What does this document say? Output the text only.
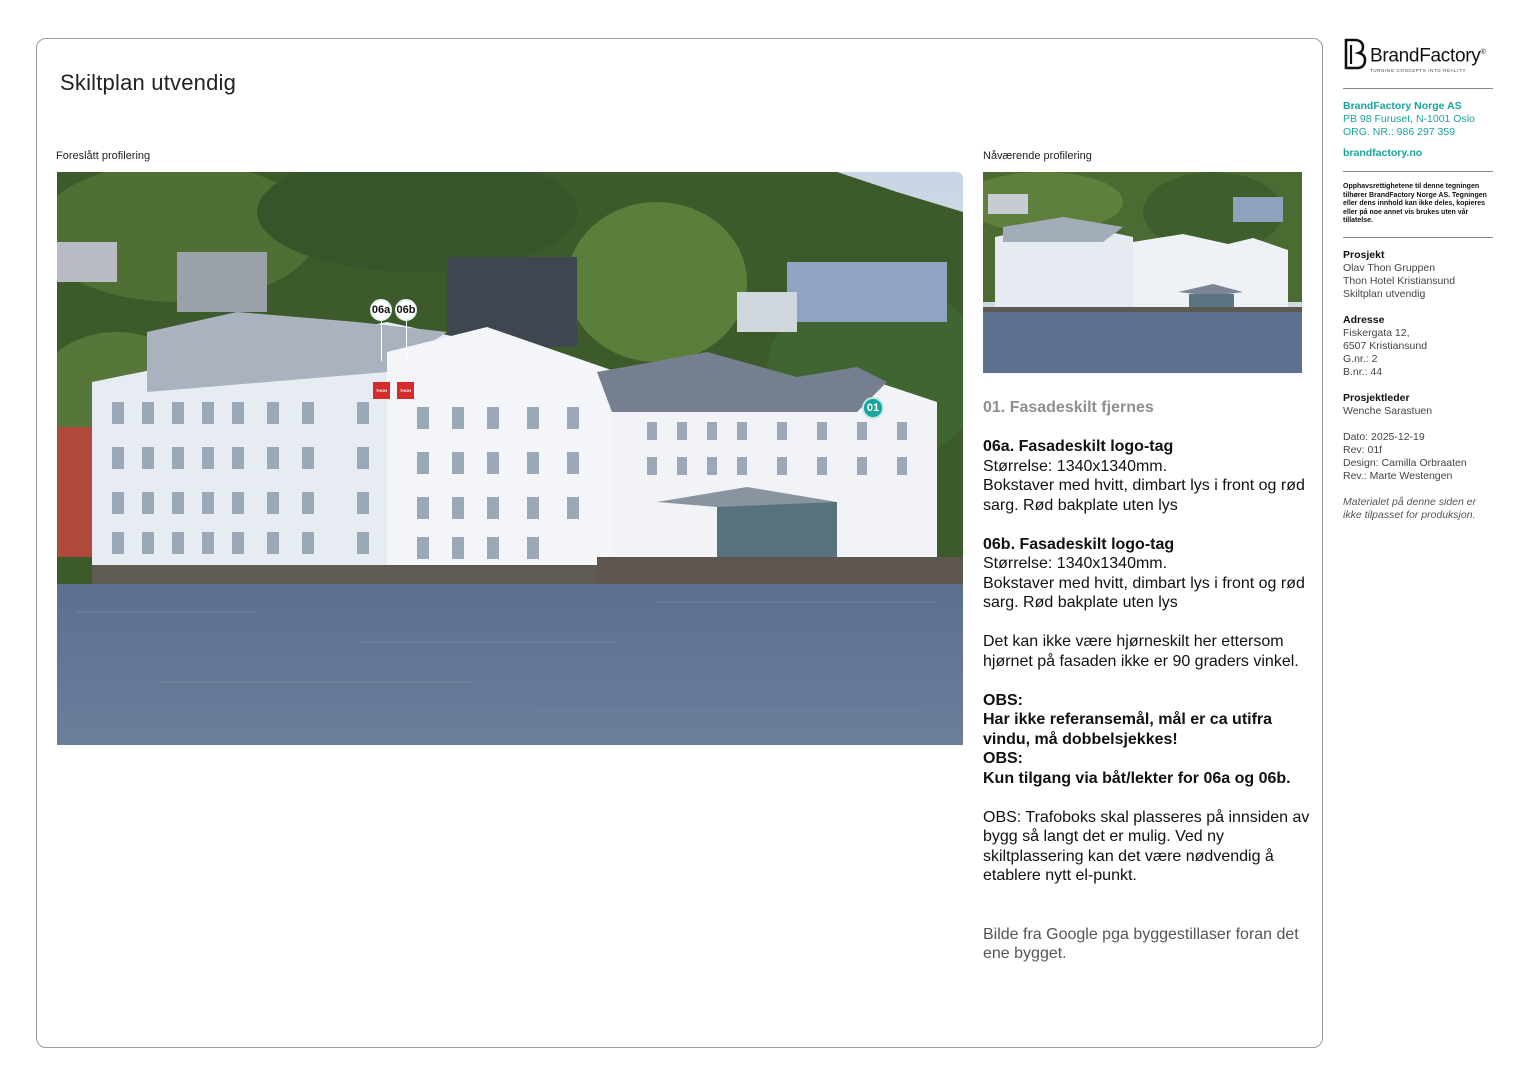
Skiltplan utvendig
Foreslått profilering
06a 06b
THON	THON
01
Nåværende profilering

01. Fasadeskilt fjernes

06a. Fasadeskilt logo-tag

Størrelse: 1340x1340mm.

Bokstaver med hvitt, dimbart lys i front og rød sarg. Rød bakplate uten lys

06b. Fasadeskilt logo-tag

Størrelse: 1340x1340mm.

Bokstaver med hvitt, dimbart lys i front og rød sarg. Rød bakplate uten lys

Det kan ikke være hjørneskilt her ettersom hjørnet på fasaden ikke er 90 graders vinkel.

OBS:

Har ikke referansemål, mål er ca utifra vindu, må dobbelsjekkes!

OBS:

Kun tilgang via båt/lekter for 06a og 06b.

OBS: Trafoboks skal plasseres på innsiden av bygg så langt det er mulig. Ved ny skiltplassering kan det være nødvendig å etablere nytt el-punkt.

Bilde fra Google pga byggestillaser foran det ene bygget.

BrandFactory®
TURNING CONCEPTS INTO REALITY
BrandFactory Norge AS
PB 98 Furuset, N-1001 Oslo
ORG. NR.: 986 297 359
brandfactory.no
Opphavsrettighetene til denne tegningen tilhører BrandFactory Norge AS. Tegningen eller dens innhold kan ikke deles, kopieres eller på noe annet vis brukes uten vår tillatelse.
Prosjekt
Olav Thon Gruppen
Thon Hotel Kristiansund
Skiltplan utvendig
Adresse
Fiskergata 12,
6507 Kristiansund
G.nr.: 2
B.nr.: 44
Prosjektleder
Wenche Sarastuen
Dato: 2025-12-19
Rev: 01f
Design: Camilla Orbraaten
Rev.: Marte Westengen
Materialet på denne siden er ikke tilpasset for produksjon.
